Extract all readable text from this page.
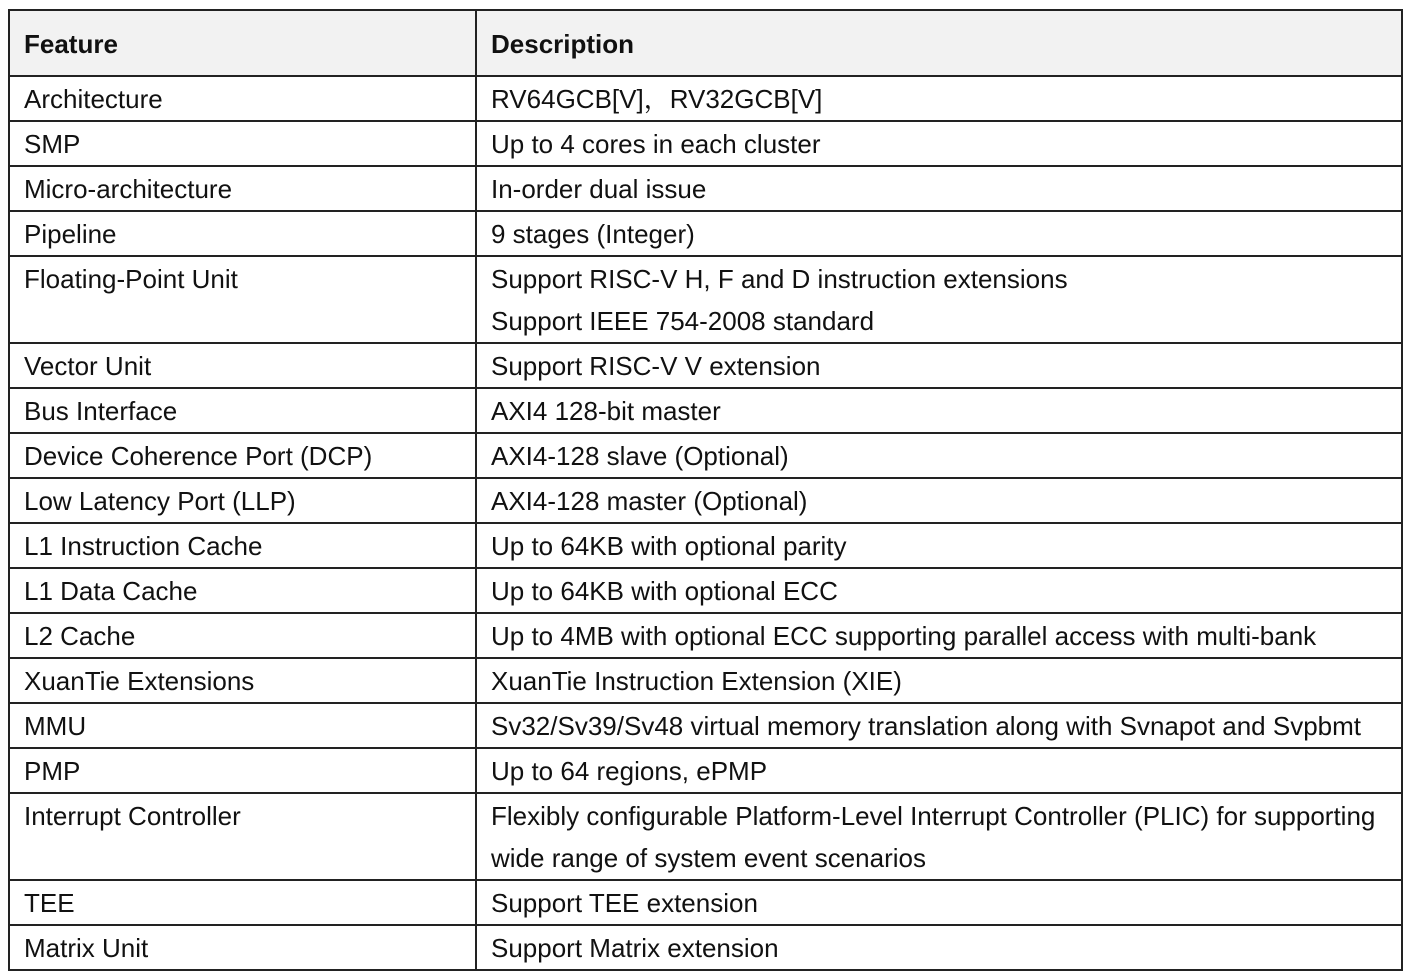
Feature	Description
Architecture	RV64GCB[V]，RV32GCB[V]

SMP	Up to 4 cores in each cluster

Micro-architecture	In-order dual issue

Pipeline	9 stages (Integer)

Floating-Point Unit	Support RISC-V H, F and D instruction extensions
Support IEEE 754-2008 standard

Vector Unit	Support RISC-V V extension

Bus Interface	AXI4 128-bit master

Device Coherence Port (DCP)	AXI4-128 slave (Optional)

Low Latency Port (LLP)	AXI4-128 master (Optional)

L1 Instruction Cache	Up to 64KB with optional parity

L1 Data Cache	Up to 64KB with optional ECC

L2 Cache	Up to 4MB with optional ECC supporting parallel access with multi-bank

XuanTie Extensions	XuanTie Instruction Extension (XIE)

MMU	Sv32/Sv39/Sv48 virtual memory translation along with Svnapot and Svpbmt

PMP	Up to 64 regions, ePMP

Interrupt Controller	Flexibly configurable Platform-Level Interrupt Controller (PLIC) for supporting wide range of system event scenarios

TEE	Support TEE extension

Matrix Unit	Support Matrix extension
